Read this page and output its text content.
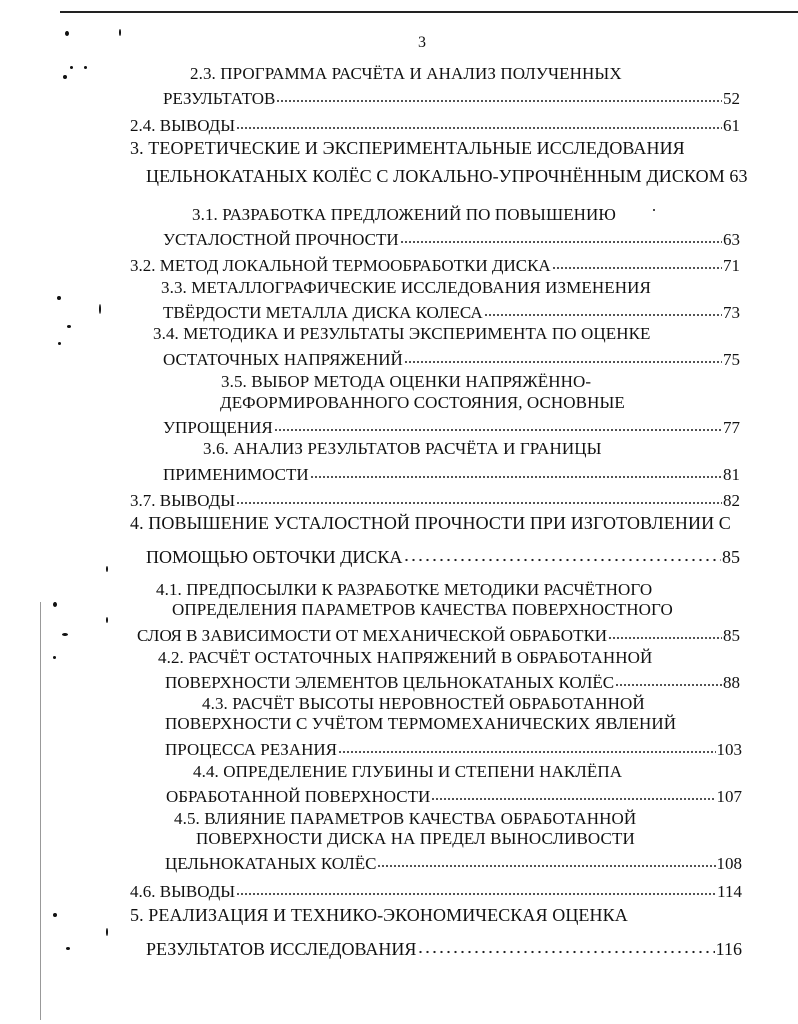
3
2.3. ПРОГРАММА РАСЧЁТА И АНАЛИЗ ПОЛУЧЕННЫХ
РЕЗУЛЬТАТОВ	52
2.4. ВЫВОДЫ	61
3. ТЕОРЕТИЧЕСКИЕ И ЭКСПЕРИМЕНТАЛЬНЫЕ ИССЛЕДОВАНИЯ
ЦЕЛЬНОКАТАНЫХ КОЛЁС С ЛОКАЛЬНО-УПРОЧНЁННЫМ ДИСКОМ 63
3.1. РАЗРАБОТКА ПРЕДЛОЖЕНИЙ ПО ПОВЫШЕНИЮ
УСТАЛОСТНОЙ ПРОЧНОСТИ	63
3.2. МЕТОД ЛОКАЛЬНОЙ ТЕРМООБРАБОТКИ ДИСКА	71
3.3. МЕТАЛЛОГРАФИЧЕСКИЕ ИССЛЕДОВАНИЯ ИЗМЕНЕНИЯ
ТВЁРДОСТИ МЕТАЛЛА ДИСКА КОЛЕСА	73
3.4. МЕТОДИКА И РЕЗУЛЬТАТЫ ЭКСПЕРИМЕНТА ПО ОЦЕНКЕ
ОСТАТОЧНЫХ НАПРЯЖЕНИЙ	75
3.5. ВЫБОР МЕТОДА ОЦЕНКИ НАПРЯЖЁННО-
ДЕФОРМИРОВАННОГО СОСТОЯНИЯ, ОСНОВНЫЕ
УПРОЩЕНИЯ	77
3.6. АНАЛИЗ РЕЗУЛЬТАТОВ РАСЧЁТА И ГРАНИЦЫ
ПРИМЕНИМОСТИ	81
3.7. ВЫВОДЫ	82
4. ПОВЫШЕНИЕ УСТАЛОСТНОЙ ПРОЧНОСТИ ПРИ ИЗГОТОВЛЕНИИ С
ПОМОЩЬЮ ОБТОЧКИ ДИСКА	85
4.1. ПРЕДПОСЫЛКИ К РАЗРАБОТКЕ МЕТОДИКИ РАСЧЁТНОГО
ОПРЕДЕЛЕНИЯ ПАРАМЕТРОВ КАЧЕСТВА ПОВЕРХНОСТНОГО
СЛОЯ В ЗАВИСИМОСТИ ОТ МЕХАНИЧЕСКОЙ ОБРАБОТКИ	85
4.2. РАСЧЁТ ОСТАТОЧНЫХ НАПРЯЖЕНИЙ В ОБРАБОТАННОЙ
ПОВЕРХНОСТИ ЭЛЕМЕНТОВ ЦЕЛЬНОКАТАНЫХ КОЛЁС	88
4.3. РАСЧЁТ ВЫСОТЫ НЕРОВНОСТЕЙ ОБРАБОТАННОЙ
ПОВЕРХНОСТИ С УЧЁТОМ ТЕРМОМЕХАНИЧЕСКИХ ЯВЛЕНИЙ
ПРОЦЕССА РЕЗАНИЯ	103
4.4. ОПРЕДЕЛЕНИЕ ГЛУБИНЫ И СТЕПЕНИ НАКЛЁПА
ОБРАБОТАННОЙ ПОВЕРХНОСТИ	107
4.5. ВЛИЯНИЕ ПАРАМЕТРОВ КАЧЕСТВА ОБРАБОТАННОЙ
ПОВЕРХНОСТИ ДИСКА НА ПРЕДЕЛ ВЫНОСЛИВОСТИ
ЦЕЛЬНОКАТАНЫХ КОЛЁС	108
4.6. ВЫВОДЫ	114
5. РЕАЛИЗАЦИЯ И ТЕХНИКО-ЭКОНОМИЧЕСКАЯ ОЦЕНКА
РЕЗУЛЬТАТОВ ИССЛЕДОВАНИЯ	116
